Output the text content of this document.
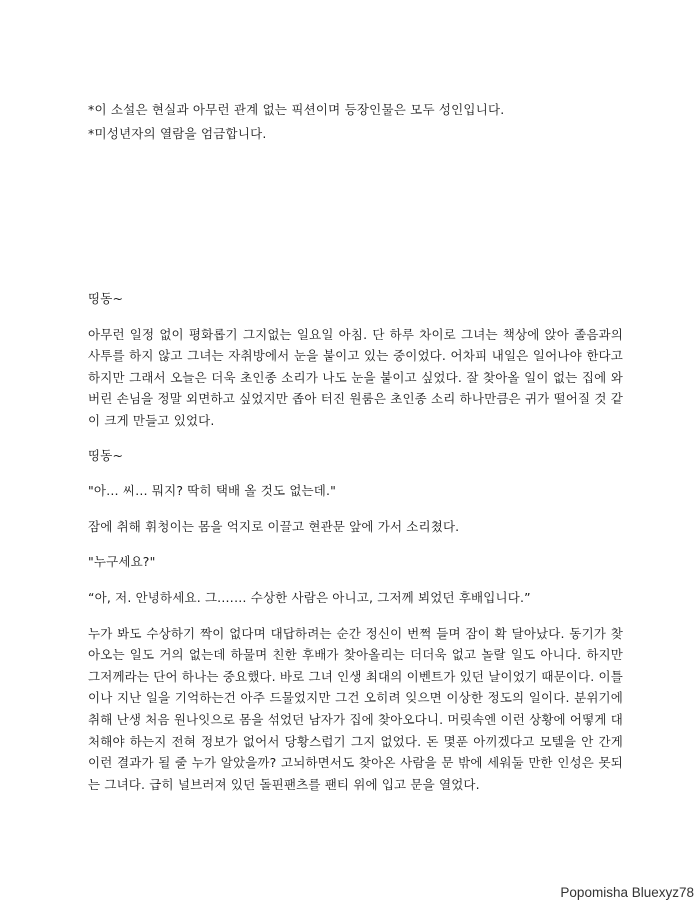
*이 소설은 현실과 아무런 관계 없는 픽션이며 등장인물은 모두 성인입니다.

*미성년자의 열람을 엄금합니다.

띵동~

아무런 일정 없이 평화롭기 그지없는 일요일 아침. 단 하루 차이로 그녀는 책상에 앉아 졸음과의 사투를 하지 않고 그녀는 자취방에서 눈을 붙이고 있는 중이었다. 어차피 내일은 일어나야 한다고 하지만 그래서 오늘은 더욱 초인종 소리가 나도 눈을 붙이고 싶었다. 잘 찾아올 일이 없는 집에 와버린 손님을 정말 외면하고 싶었지만 좁아 터진 원룸은 초인종 소리 하나만큼은 귀가 떨어질 것 같이 크게 만들고 있었다.

띵동~

"아… 씨… 뭐지? 딱히 택배 올 것도 없는데."

잠에 취해 휘청이는 몸을 억지로 이끌고 현관문 앞에 가서 소리쳤다.

"누구세요?"

“아, 저. 안녕하세요. 그.…… 수상한 사람은 아니고, 그저께 뵈었던 후배입니다.”

누가 봐도 수상하기 짝이 없다며 대답하려는 순간 정신이 번쩍 들며 잠이 확 달아났다. 동기가 찾아오는 일도 거의 없는데 하물며 친한 후배가 찾아올리는 더더욱 없고 놀랄 일도 아니다. 하지만 그저께라는 단어 하나는 중요했다. 바로 그녀 인생 최대의 이벤트가 있던 날이었기 때문이다. 이틀이나 지난 일을 기억하는건 아주 드물었지만 그건 오히려 잊으면 이상한 정도의 일이다. 분위기에 취해 난생 처음 원나잇으로 몸을 섞었던 남자가 집에 찾아오다니. 머릿속엔 이런 상황에 어떻게 대처해야 하는지 전혀 정보가 없어서 당황스럽기 그지 없었다. 돈 몇푼 아끼겠다고 모텔을 안 간게 이런 결과가 될 줄 누가 알았을까? 고뇌하면서도 찾아온 사람을 문 밖에 세워둘 만한 인성은 못되는 그녀다. 급히 널브러져 있던 돌핀팬츠를 팬티 위에 입고 문을 열었다.

Popomisha Bluexyz78
